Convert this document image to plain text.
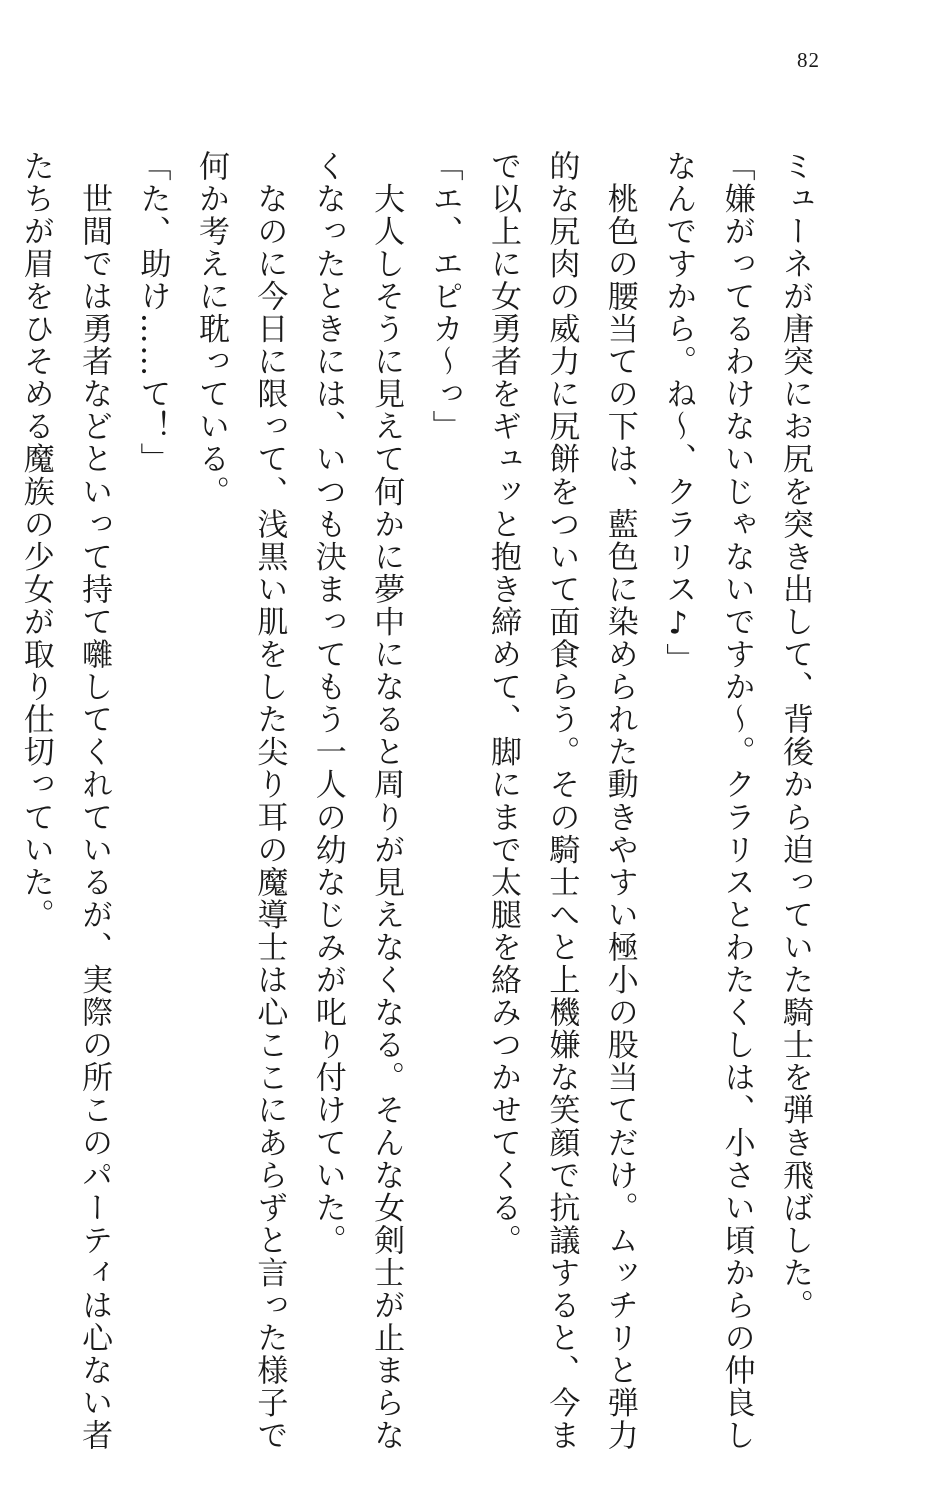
82
ミューネが唐突にお尻を突き出して、背後から迫っていた騎士を弾き飛ばした。
「嫌がってるわけないじゃないですか～。クラリスとわたくしは、小さい頃からの仲良し
なんですから。ね～、クラリス♪」
　桃色の腰当ての下は、藍色に染められた動きやすい極小の股当てだけ。ムッチリと弾力
的な尻肉の威力に尻餅をついて面食らう。その騎士へと上機嫌な笑顔で抗議すると、今ま
で以上に女勇者をギュッと抱き締めて、脚にまで太腿を絡みつかせてくる。
「エ、エピカ～っ」
　大人しそうに見えて何かに夢中になると周りが見えなくなる。そんな女剣士が止まらな
くなったときには、いつも決まってもう一人の幼なじみが叱り付けていた。
　なのに今日に限って、浅黒い肌をした尖り耳の魔導士は心ここにあらずと言った様子で
何か考えに耽っている。
「た、助け……て！」
　世間では勇者などといって持て囃してくれているが、実際の所このパーティは心ない者
たちが眉をひそめる魔族の少女が取り仕切っていた。
